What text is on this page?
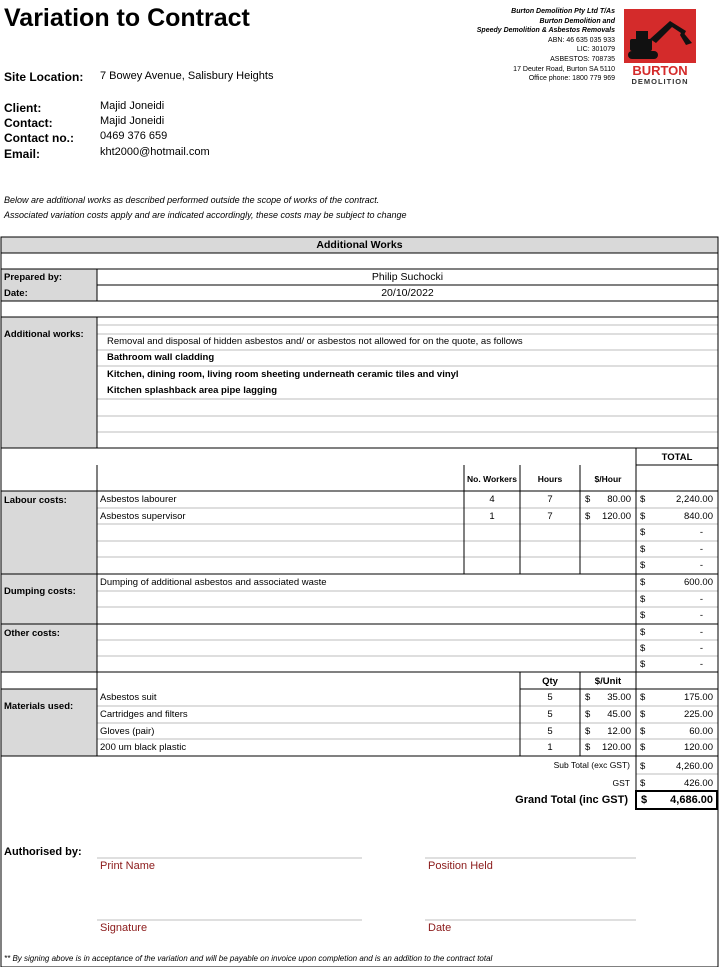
Variation to Contract	Burton Demolition Pty Ltd T/As
Burton Demolition and
Speedy Demolition & Asbestos Removals
ABN: 46 635 035 933
LIC: 301079
ASBESTOS: 708735
17 Deuter Road, Burton SA 5110
Office phone: 1800 779 969
BURTON
DEMOLITION
Site Location: 7 Bowey Avenue, Salisbury Heights
Client:	Majid Joneidi
Contact:	Majid Joneidi
Contact no.: 0469 376 659
Email:	kht2000@hotmail.com
Below are additional works as described performed outside the scope of works of the contract.
Associated variation costs apply and are indicated accordingly, these costs may be subject to change
Additional Works
Prepared by:	Philip Suchocki
Date:	20/10/2022
Additional works:
Removal and disposal of hidden asbestos and/ or asbestos not allowed for on the quote, as follows
Bathroom wall cladding
Kitchen, dining room, living room sheeting underneath ceramic tiles and vinyl
Kitchen splashback area pipe lagging
TOTAL
No. Workers	Hours	$/Hour
Labour costs:	Asbestos labourer	4	7	$	80.00 $	2,240.00
Asbestos supervisor	1	7	$	120.00 $	840.00
$	-
$	-
$	-
Dumping costs:
Dumping of additional asbestos and associated waste	$	600.00
$	-
$	-
Other costs:	$	-
$	-
$	-
Qty	$/Unit
Materials used:
Asbestos suit	5	$	35.00 $	175.00
Cartridges and filters	5	$	45.00 $	225.00
Gloves (pair)	5	$	12.00 $	60.00
200 um black plastic	1	$	120.00 $	120.00
Sub Total (exc GST) $	4,260.00
GST $	426.00
Grand Total (inc GST) $	4,686.00
Authorised by:
Print Name	Position Held
Signature	Date
** By signing above is in acceptance of the variation and will be payable on invoice upon completion and is an addition to the contract total
